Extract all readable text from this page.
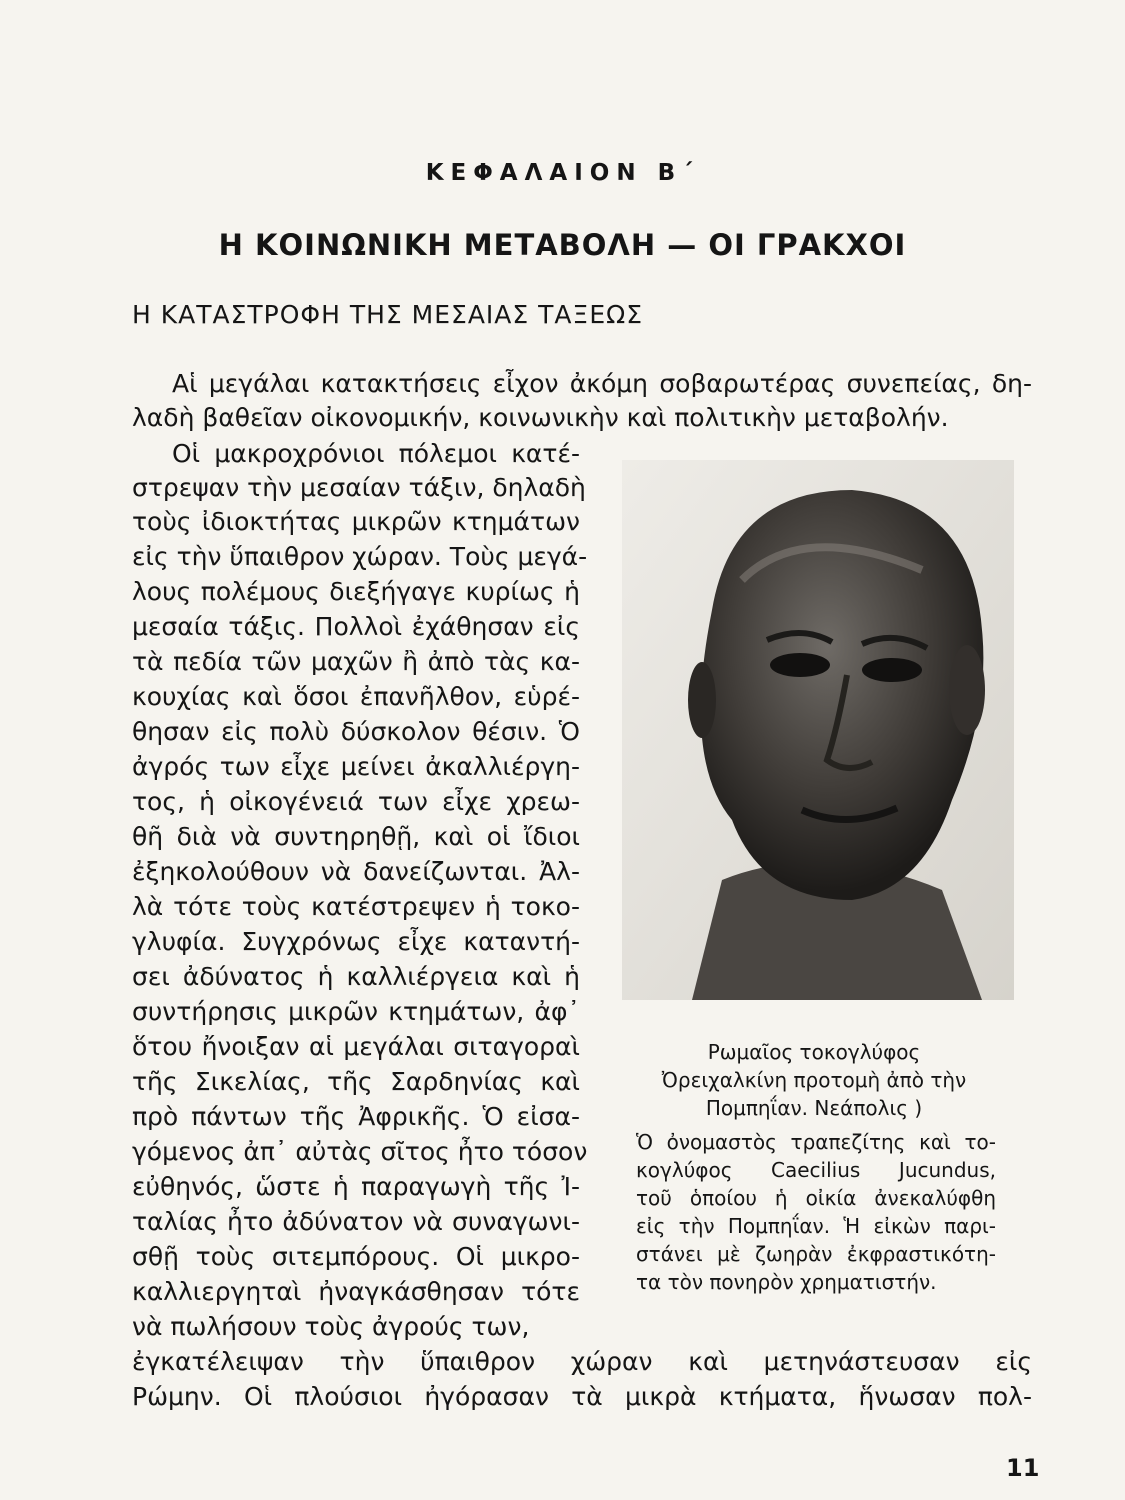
ΚΕΦΑΛΑΙΟΝ Β΄
Η ΚΟΙΝΩΝΙΚΗ ΜΕΤΑΒΟΛΗ — ΟΙ ΓΡΑΚΧΟΙ
Η ΚΑΤΑΣΤΡΟΦΗ ΤΗΣ ΜΕΣΑΙΑΣ ΤΑΞΕΩΣ
Αἱ μεγάλαι κατακτήσεις εἶχον ἀκόμη σοβαρωτέρας συνεπείας, δη-
λαδὴ βαθεῖαν οἰκονομικήν, κοινωνικὴν καὶ πολιτικὴν μεταβολήν.
Οἱ μακροχρόνιοι πόλεμοι κατέ-
στρεψαν τὴν μεσαίαν τάξιν, δηλαδὴ
τοὺς ἰδιοκτήτας μικρῶν κτημάτων
εἰς τὴν ὕπαιθρον χώραν. Τοὺς μεγά-
λους πολέμους διεξήγαγε κυρίως ἡ
μεσαία τάξις. Πολλοὶ ἐχάθησαν εἰς
τὰ πεδία τῶν μαχῶν ἢ ἀπὸ τὰς κα-
κουχίας καὶ ὅσοι ἐπανῆλθον, εὑρέ-
θησαν εἰς πολὺ δύσκολον θέσιν. Ὁ
ἀγρός των εἶχε μείνει ἀκαλλιέργη-
τος, ἡ οἰκογένειά των εἶχε χρεω-
θῆ διὰ νὰ συντηρηθῇ, καὶ οἱ ἴδιοι
ἐξηκολούθουν νὰ δανείζωνται. Ἀλ-
λὰ τότε τοὺς κατέστρεψεν ἡ τοκο-
γλυφία. Συγχρόνως εἶχε καταντή-
σει ἀδύνατος ἡ καλλιέργεια καὶ ἡ
συντήρησις μικρῶν κτημάτων, ἀφ᾿
ὅτου ἤνοιξαν αἱ μεγάλαι σιταγοραὶ
τῆς Σικελίας, τῆς Σαρδηνίας καὶ
πρὸ πάντων τῆς Ἀφρικῆς. Ὁ εἰσα-
γόμενος ἀπ᾿ αὐτὰς σῖτος ἦτο τόσον
εὐθηνός, ὥστε ἡ παραγωγὴ τῆς Ἰ-
ταλίας ἦτο ἀδύνατον νὰ συναγωνι-
σθῇ τοὺς σιτεμπόρους. Οἱ μικρο-
καλλιεργηταὶ ἠναγκάσθησαν τότε
νὰ πωλήσουν τοὺς ἀγρούς των,
ἐγκατέλειψαν τὴν ὕπαιθρον χώραν καὶ μετηνάστευσαν εἰς
Ρώμην. Οἱ πλούσιοι ἠγόρασαν τὰ μικρὰ κτήματα, ἥνωσαν πολ-
Ρωμαῖος τοκογλύφος
Ὀρειχαλκίνη προτομὴ ἀπὸ τὴν
Πομπηΐαν. Νεάπολις )
Ὁ ὀνομαστὸς τραπεζίτης καὶ το-
κογλύφος Caecilius Jucundus,
τοῦ ὁποίου ἡ οἰκία ἀνεκαλύφθη
εἰς τὴν Πομπηΐαν. Ἡ εἰκὼν παρι-
στάνει μὲ ζωηρὰν ἐκφραστικότη-
τα τὸν πονηρὸν χρηματιστήν.
11
